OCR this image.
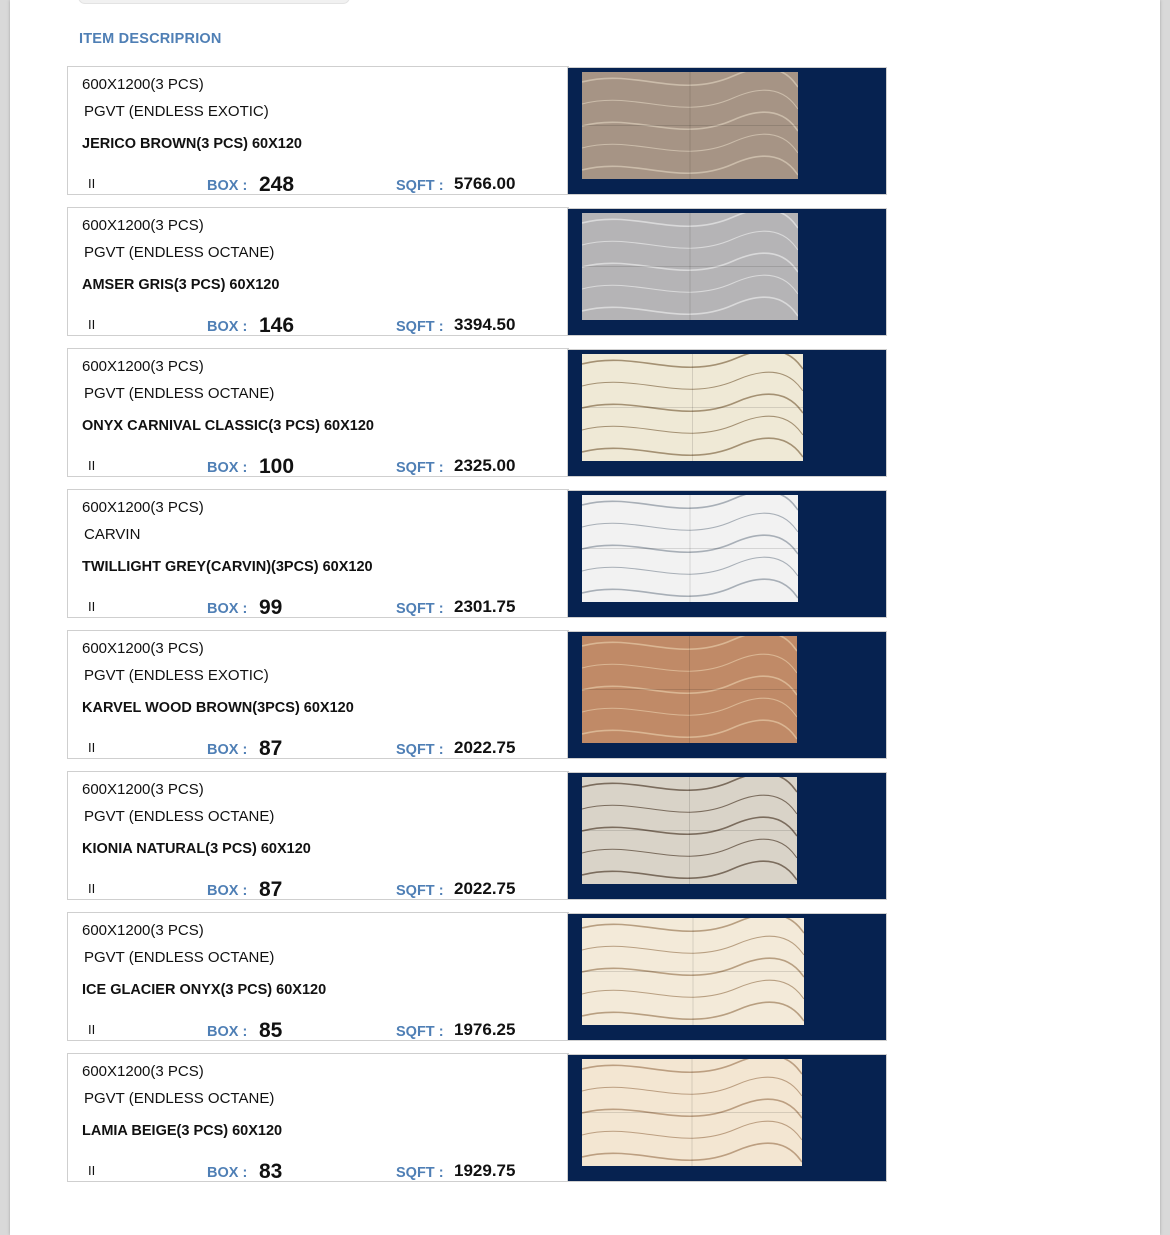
ITEM DESCRIPRION
600X1200(3 PCS)
PGVT (ENDLESS EXOTIC)
JERICO BROWN(3 PCS) 60X120
II	BOX : 248	SQFT : 5766.00
600X1200(3 PCS)
PGVT (ENDLESS OCTANE)
AMSER GRIS(3 PCS) 60X120
II	BOX : 146	SQFT : 3394.50
600X1200(3 PCS)
PGVT (ENDLESS OCTANE)
ONYX CARNIVAL CLASSIC(3 PCS) 60X120
II	BOX : 100	SQFT : 2325.00
600X1200(3 PCS)
CARVIN
TWILLIGHT GREY(CARVIN)(3PCS) 60X120
II	BOX : 99	SQFT : 2301.75
600X1200(3 PCS)
PGVT (ENDLESS EXOTIC)
KARVEL WOOD BROWN(3PCS) 60X120
II	BOX : 87	SQFT : 2022.75
600X1200(3 PCS)
PGVT (ENDLESS OCTANE)
KIONIA NATURAL(3 PCS) 60X120
II	BOX : 87	SQFT : 2022.75
600X1200(3 PCS)
PGVT (ENDLESS OCTANE)
ICE GLACIER ONYX(3 PCS) 60X120
II	BOX : 85	SQFT : 1976.25
600X1200(3 PCS)
PGVT (ENDLESS OCTANE)
LAMIA BEIGE(3 PCS) 60X120
II	BOX : 83	SQFT : 1929.75
